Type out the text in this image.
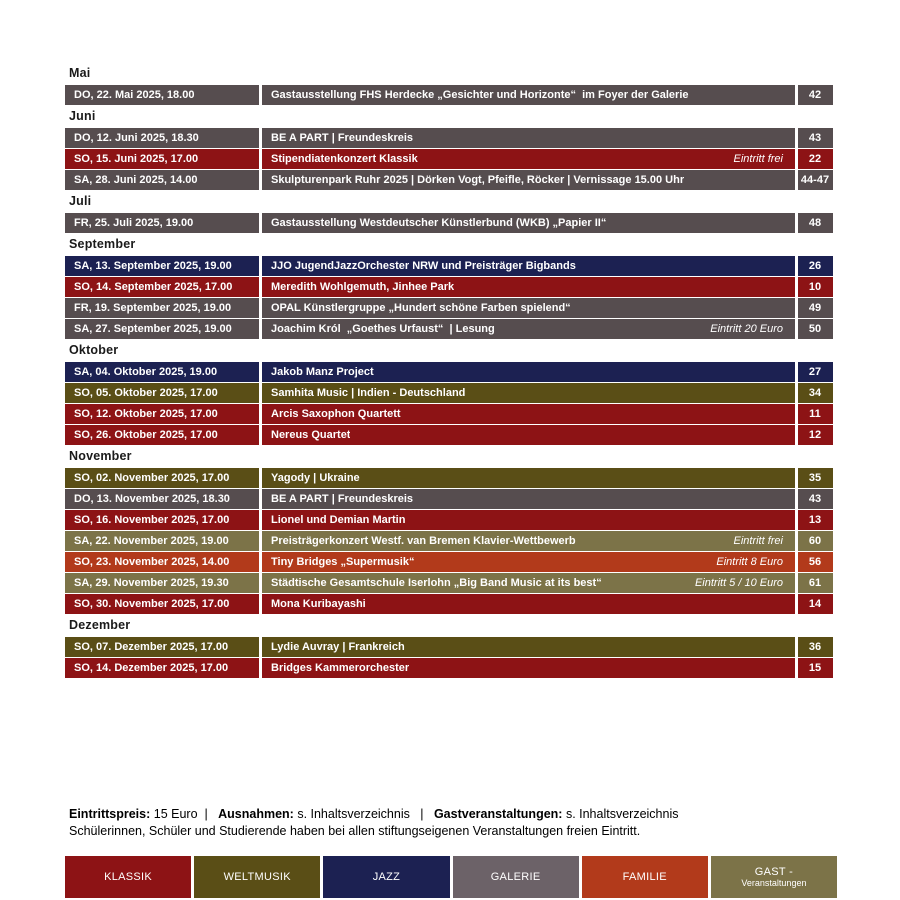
Mai
DO, 22. Mai 2025, 18.00	Gastausstellung FHS Herdecke „Gesichter und Horizonte“  im Foyer der Galerie	42
Juni
DO, 12. Juni 2025, 18.30	BE A PART | Freundeskreis	43
SO, 15. Juni 2025, 17.00	Stipendiatenkonzert Klassik	Eintritt frei	22
SA, 28. Juni 2025, 14.00	Skulpturenpark Ruhr 2025 | Dörken Vogt, Pfeifle, Röcker | Vernissage 15.00 Uhr	44-47
Juli
FR, 25. Juli 2025, 19.00	Gastausstellung Westdeutscher Künstlerbund (WKB) „Papier II“	48
September
SA, 13. September 2025, 19.00	JJO JugendJazzOrchester NRW und Preisträger Bigbands	26
SO, 14. September 2025, 17.00	Meredith Wohlgemuth, Jinhee Park	10
FR, 19. September 2025, 19.00	OPAL Künstlergruppe „Hundert schöne Farben spielend“	49
SA, 27. September 2025, 19.00	Joachim Król  „Goethes Urfaust“  | Lesung	Eintritt 20 Euro	50
Oktober
SA, 04. Oktober 2025, 19.00	Jakob Manz Project	27
SO, 05. Oktober 2025, 17.00	Samhita Music | Indien - Deutschland	34
SO, 12. Oktober 2025, 17.00	Arcis Saxophon Quartett	11
SO, 26. Oktober 2025, 17.00	Nereus Quartet	12
November
SO, 02. November 2025, 17.00	Yagody | Ukraine	35
DO, 13. November 2025, 18.30	BE A PART | Freundeskreis	43
SO, 16. November 2025, 17.00	Lionel und Demian Martin	13
SA, 22. November 2025, 19.00	Preisträgerkonzert Westf. van Bremen Klavier-Wettbewerb	Eintritt frei	60
SO, 23. November 2025, 14.00	Tiny Bridges „Supermusik“	Eintritt 8 Euro	56
SA, 29. November 2025, 19.30	Städtische Gesamtschule Iserlohn „Big Band Music at its best“	Eintritt 5 / 10 Euro	61
SO, 30. November 2025, 17.00	Mona Kuribayashi	14
Dezember
SO, 07. Dezember 2025, 17.00	Lydie Auvray | Frankreich	36
SO, 14. Dezember 2025, 17.00	Bridges Kammerorchester	15
Eintrittspreis: 15 Euro  |   Ausnahmen: s. Inhaltsverzeichnis   |   Gastveranstaltungen: s. Inhaltsverzeichnis
Schülerinnen, Schüler und Studierende haben bei allen stiftungseigenen Veranstaltungen freien Eintritt.
KLASSIK	WELTMUSIK	JAZZ	GALERIE	FAMILIE	GAST -
Veranstaltungen
